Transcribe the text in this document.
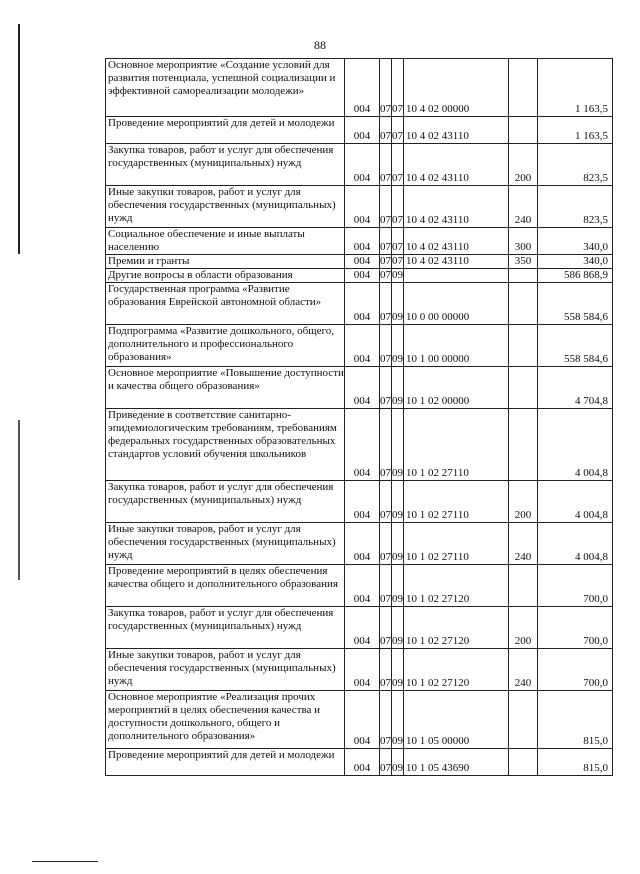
88
Основное мероприятие «Создание условий для развития потенциала, успешной социализации и эффективной самореализации молодежи»	004	07	07	10 4 02 00000		1 163,5
Проведение мероприятий для детей и молодежи	004	07	07	10 4 02 43110		1 163,5
Закупка товаров, работ и услуг для обеспечения государственных (муниципальных) нужд	004	07	07	10 4 02 43110	200	823,5
Иные закупки товаров, работ и услуг для обеспечения государственных (муниципальных) нужд	004	07	07	10 4 02 43110	240	823,5
Социальное обеспечение и иные выплаты населению	004	07	07	10 4 02 43110	300	340,0
Премии и гранты	004	07	07	10 4 02 43110	350	340,0
Другие вопросы в области образования	004	07	09			586 868,9
Государственная программа «Развитие образования Еврейской автономной области»	004	07	09	10 0 00 00000		558 584,6
Подпрограмма «Развитие дошкольного, общего, дополнительного и профессионального образования»	004	07	09	10 1 00 00000		558 584,6
Основное мероприятие «Повышение доступности и качества общего образования»	004	07	09	10 1 02 00000		4 704,8
Приведение в соответствие санитарно-эпидемиологическим требованиям, требованиям федеральных государственных образовательных стандартов условий обучения школьников	004	07	09	10 1 02 27110		4 004,8
Закупка товаров, работ и услуг для обеспечения государственных (муниципальных) нужд	004	07	09	10 1 02 27110	200	4 004,8
Иные закупки товаров, работ и услуг для обеспечения государственных (муниципальных) нужд	004	07	09	10 1 02 27110	240	4 004,8
Проведение мероприятий в целях обеспечения качества общего и дополнительного образования	004	07	09	10 1 02 27120		700,0
Закупка товаров, работ и услуг для обеспечения государственных (муниципальных) нужд	004	07	09	10 1 02 27120	200	700,0
Иные закупки товаров, работ и услуг для обеспечения государственных (муниципальных) нужд	004	07	09	10 1 02 27120	240	700,0
Основное мероприятие «Реализация прочих мероприятий в целях обеспечения качества и доступности дошкольного, общего и дополнительного образования»	004	07	09	10 1 05 00000		815,0
Проведение мероприятий для детей и молодежи	004	07	09	10 1 05 43690		815,0
